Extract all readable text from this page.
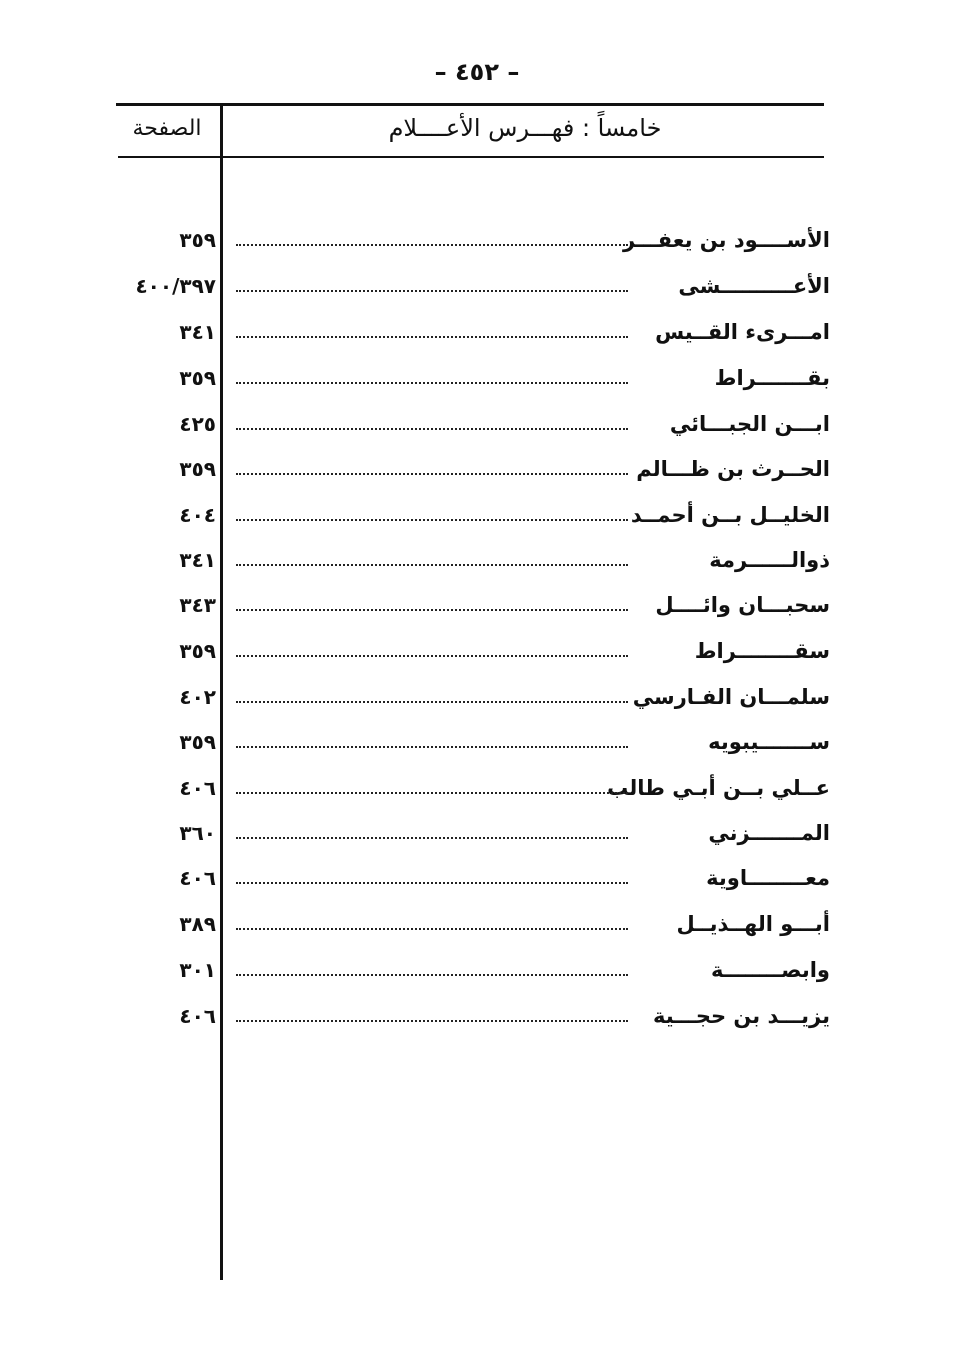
– ٤٥٢ –
خامساً : فهـــرس الأعــــلام
الصفحة
الأســــود بن يعفـــر
٣٥٩
الأعــــــــــشى
٤٠٠/٣٩٧
امـــرىء القــيس
٣٤١
بقـــــــراط
٣٥٩
ابـــن الجبـــائي
٤٢٥
الحــرث بن ظـــالم
٣٥٩
الخليــل بــن أحمــد
٤٠٤
ذوالــــــرمة
٣٤١
سحبـــان وائــــل
٣٤٣
سقــــــــراط
٣٥٩
سلمـــان الفـارسي
٤٠٢
ســـــــيبويه
٣٥٩
عــلي بــن أبـي طالب
٤٠٦
المـــــــزني
٣٦٠
معــــــــاوية
٤٠٦
أبـــو الهــذيــل
٣٨٩
وابصــــــــة
٣٠١
يزيـــد بن حجـــية
٤٠٦
